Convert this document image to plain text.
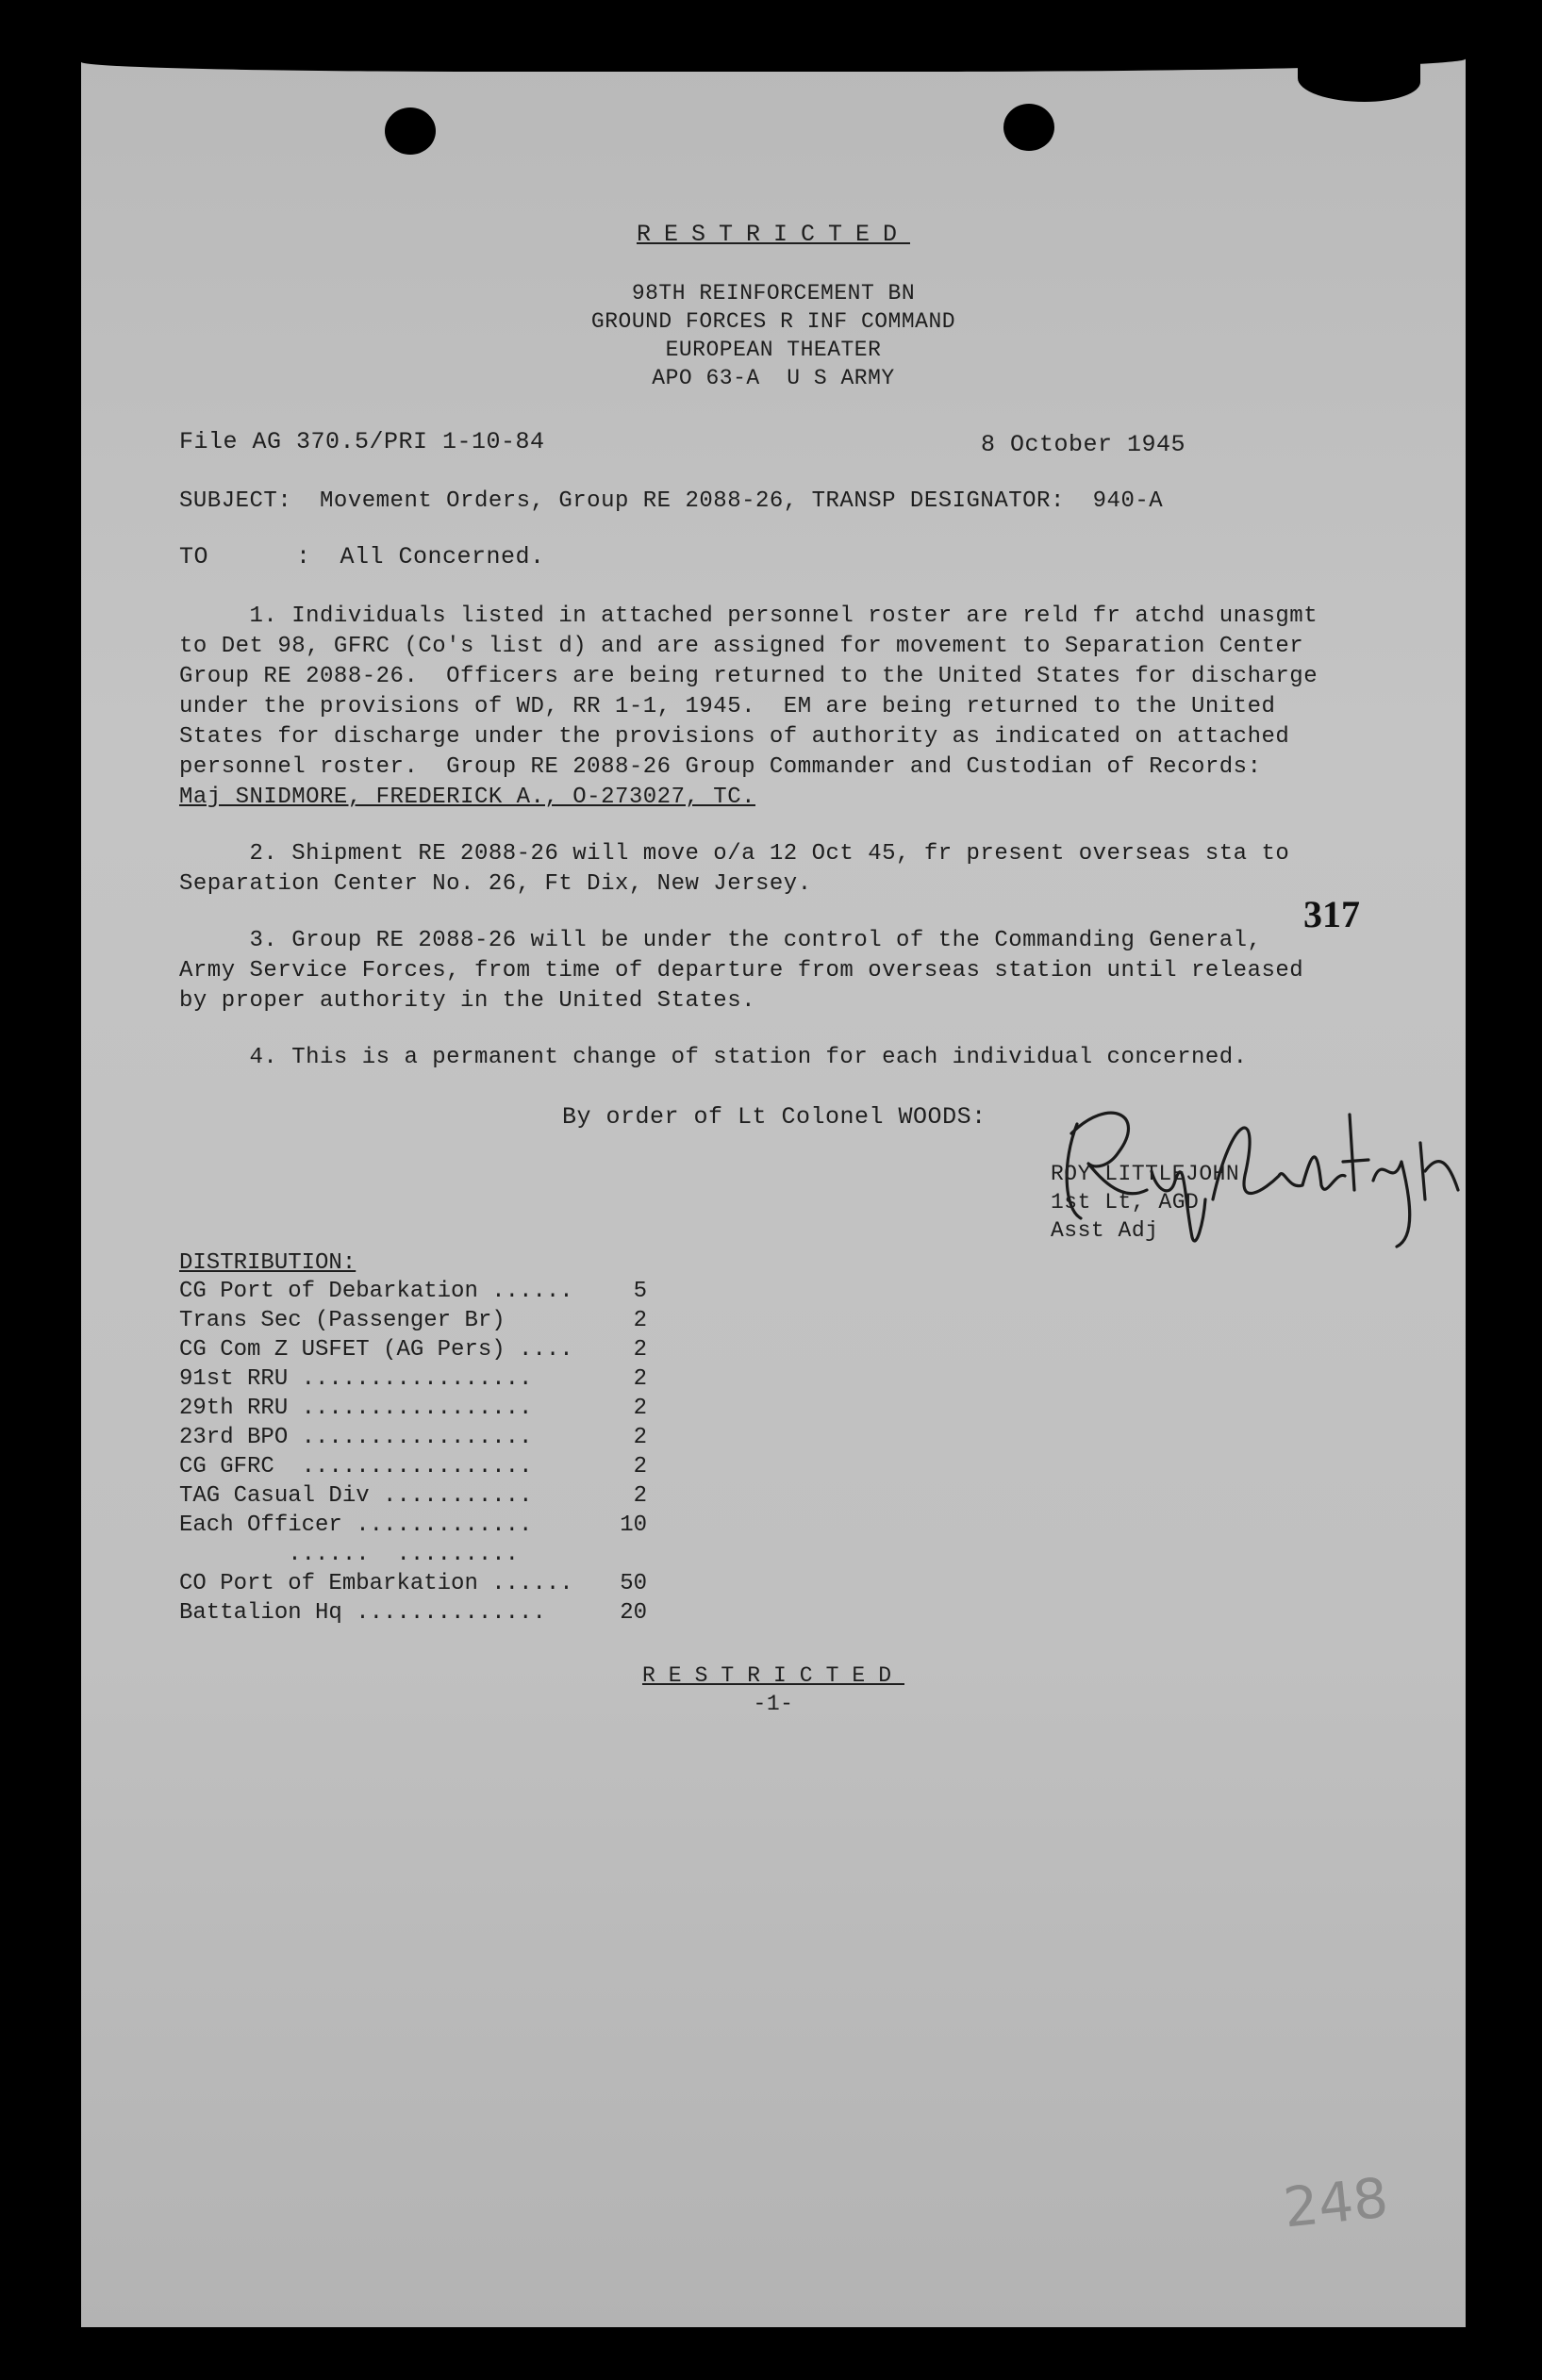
RESTRICTED
98TH REINFORCEMENT BN
GROUND FORCES R INF COMMAND
EUROPEAN THEATER
APO 63-A  U S ARMY
File AG 370.5/PRI 1-10-84	8 October 1945
SUBJECT:  Movement Orders, Group RE 2088-26, TRANSP DESIGNATOR:  940-A
TO      :  All Concerned.
1. Individuals listed in attached personnel roster are reld fr atchd unasgmt
to Det 98, GFRC (Co's list d) and are assigned for movement to Separation Center
Group RE 2088-26.  Officers are being returned to the United States for discharge
under the provisions of WD, RR 1-1, 1945.  EM are being returned to the United
States for discharge under the provisions of authority as indicated on attached
personnel roster.  Group RE 2088-26 Group Commander and Custodian of Records:
Maj SNIDMORE, FREDERICK A., O-273027, TC.
2. Shipment RE 2088-26 will move o/a 12 Oct 45, fr present overseas sta to
Separation Center No. 26, Ft Dix, New Jersey.
317
3. Group RE 2088-26 will be under the control of the Commanding General,
Army Service Forces, from time of departure from overseas station until released
by proper authority in the United States.
4. This is a permanent change of station for each individual concerned.
By order of Lt Colonel WOODS:
ROY LITTLEJOHN
1st Lt, AGD
Asst Adj
DISTRIBUTION:
CG Port of Debarkation ......	5
Trans Sec (Passenger Br)	2
CG Com Z USFET (AG Pers) ....	2
91st RRU .................	2
29th RRU .................	2
23rd BPO .................	2
CG GFRC  .................	2
TAG Casual Div ...........	2
Each Officer .............	10
......  .........
CO Port of Embarkation ......	50
Battalion Hq ..............	20
RESTRICTED
-1-
248
